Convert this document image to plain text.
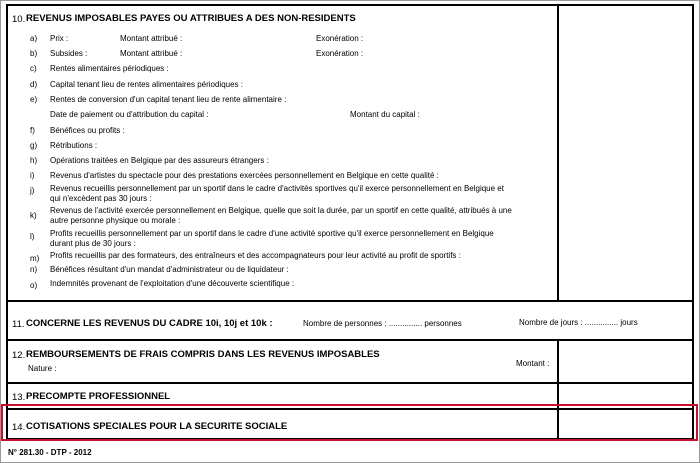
10. REVENUS IMPOSABLES PAYES OU ATTRIBUES A DES NON-RESIDENTS
a) Prix :	Montant attribué :	Exonération :
b) Subsides :	Montant attribué :	Exonération :
c) Rentes alimentaires périodiques :
d) Capital tenant lieu de rentes alimentaires périodiques :
e) Rentes de conversion d'un capital tenant lieu de rente alimentaire :
Date de paiement ou d'attribution du capital :	Montant du capital :
f) Bénéfices ou profits :
g) Rétributions :
h) Opérations traitées en Belgique par des assureurs étrangers :
i) Revenus d'artistes du spectacle pour des prestations exercées personnellement en Belgique en cette qualité :
j) Revenus recueillis personnellement par un sportif dans le cadre d'activités sportives qu'il exerce personnellement en Belgique et
qui n'excèdent pas 30 jours :
k)
Revenus de l'activité exercée personnellement en Belgique, quelle que soit la durée, par un sportif en cette qualité, attribués à une
autre personne physique ou morale :
l) Profits recueillis personnellement par un sportif dans le cadre d'une activité sportive qu'il exerce personnellement en Belgique
durant plus de 30 jours :
m) Profits recueillis par des formateurs, des entraîneurs et des accompagnateurs pour leur activité au profit de sportifs :
n) Bénéfices résultant d'un mandat d'administrateur ou de liquidateur :
o) Indemnités provenant de l'exploitation d'une découverte scientifique :
11. CONCERNE LES REVENUS DU CADRE 10i, 10j et 10k :	Nombre de personnes : ............... personnes	Nombre de jours : ............... jours
12. REMBOURSEMENTS DE FRAIS COMPRIS DANS LES REVENUS IMPOSABLES
Nature :
Montant :
13. PRECOMPTE PROFESSIONNEL
14. COTISATIONS SPECIALES POUR LA SECURITE SOCIALE
N° 281.30 - DTP - 2012
